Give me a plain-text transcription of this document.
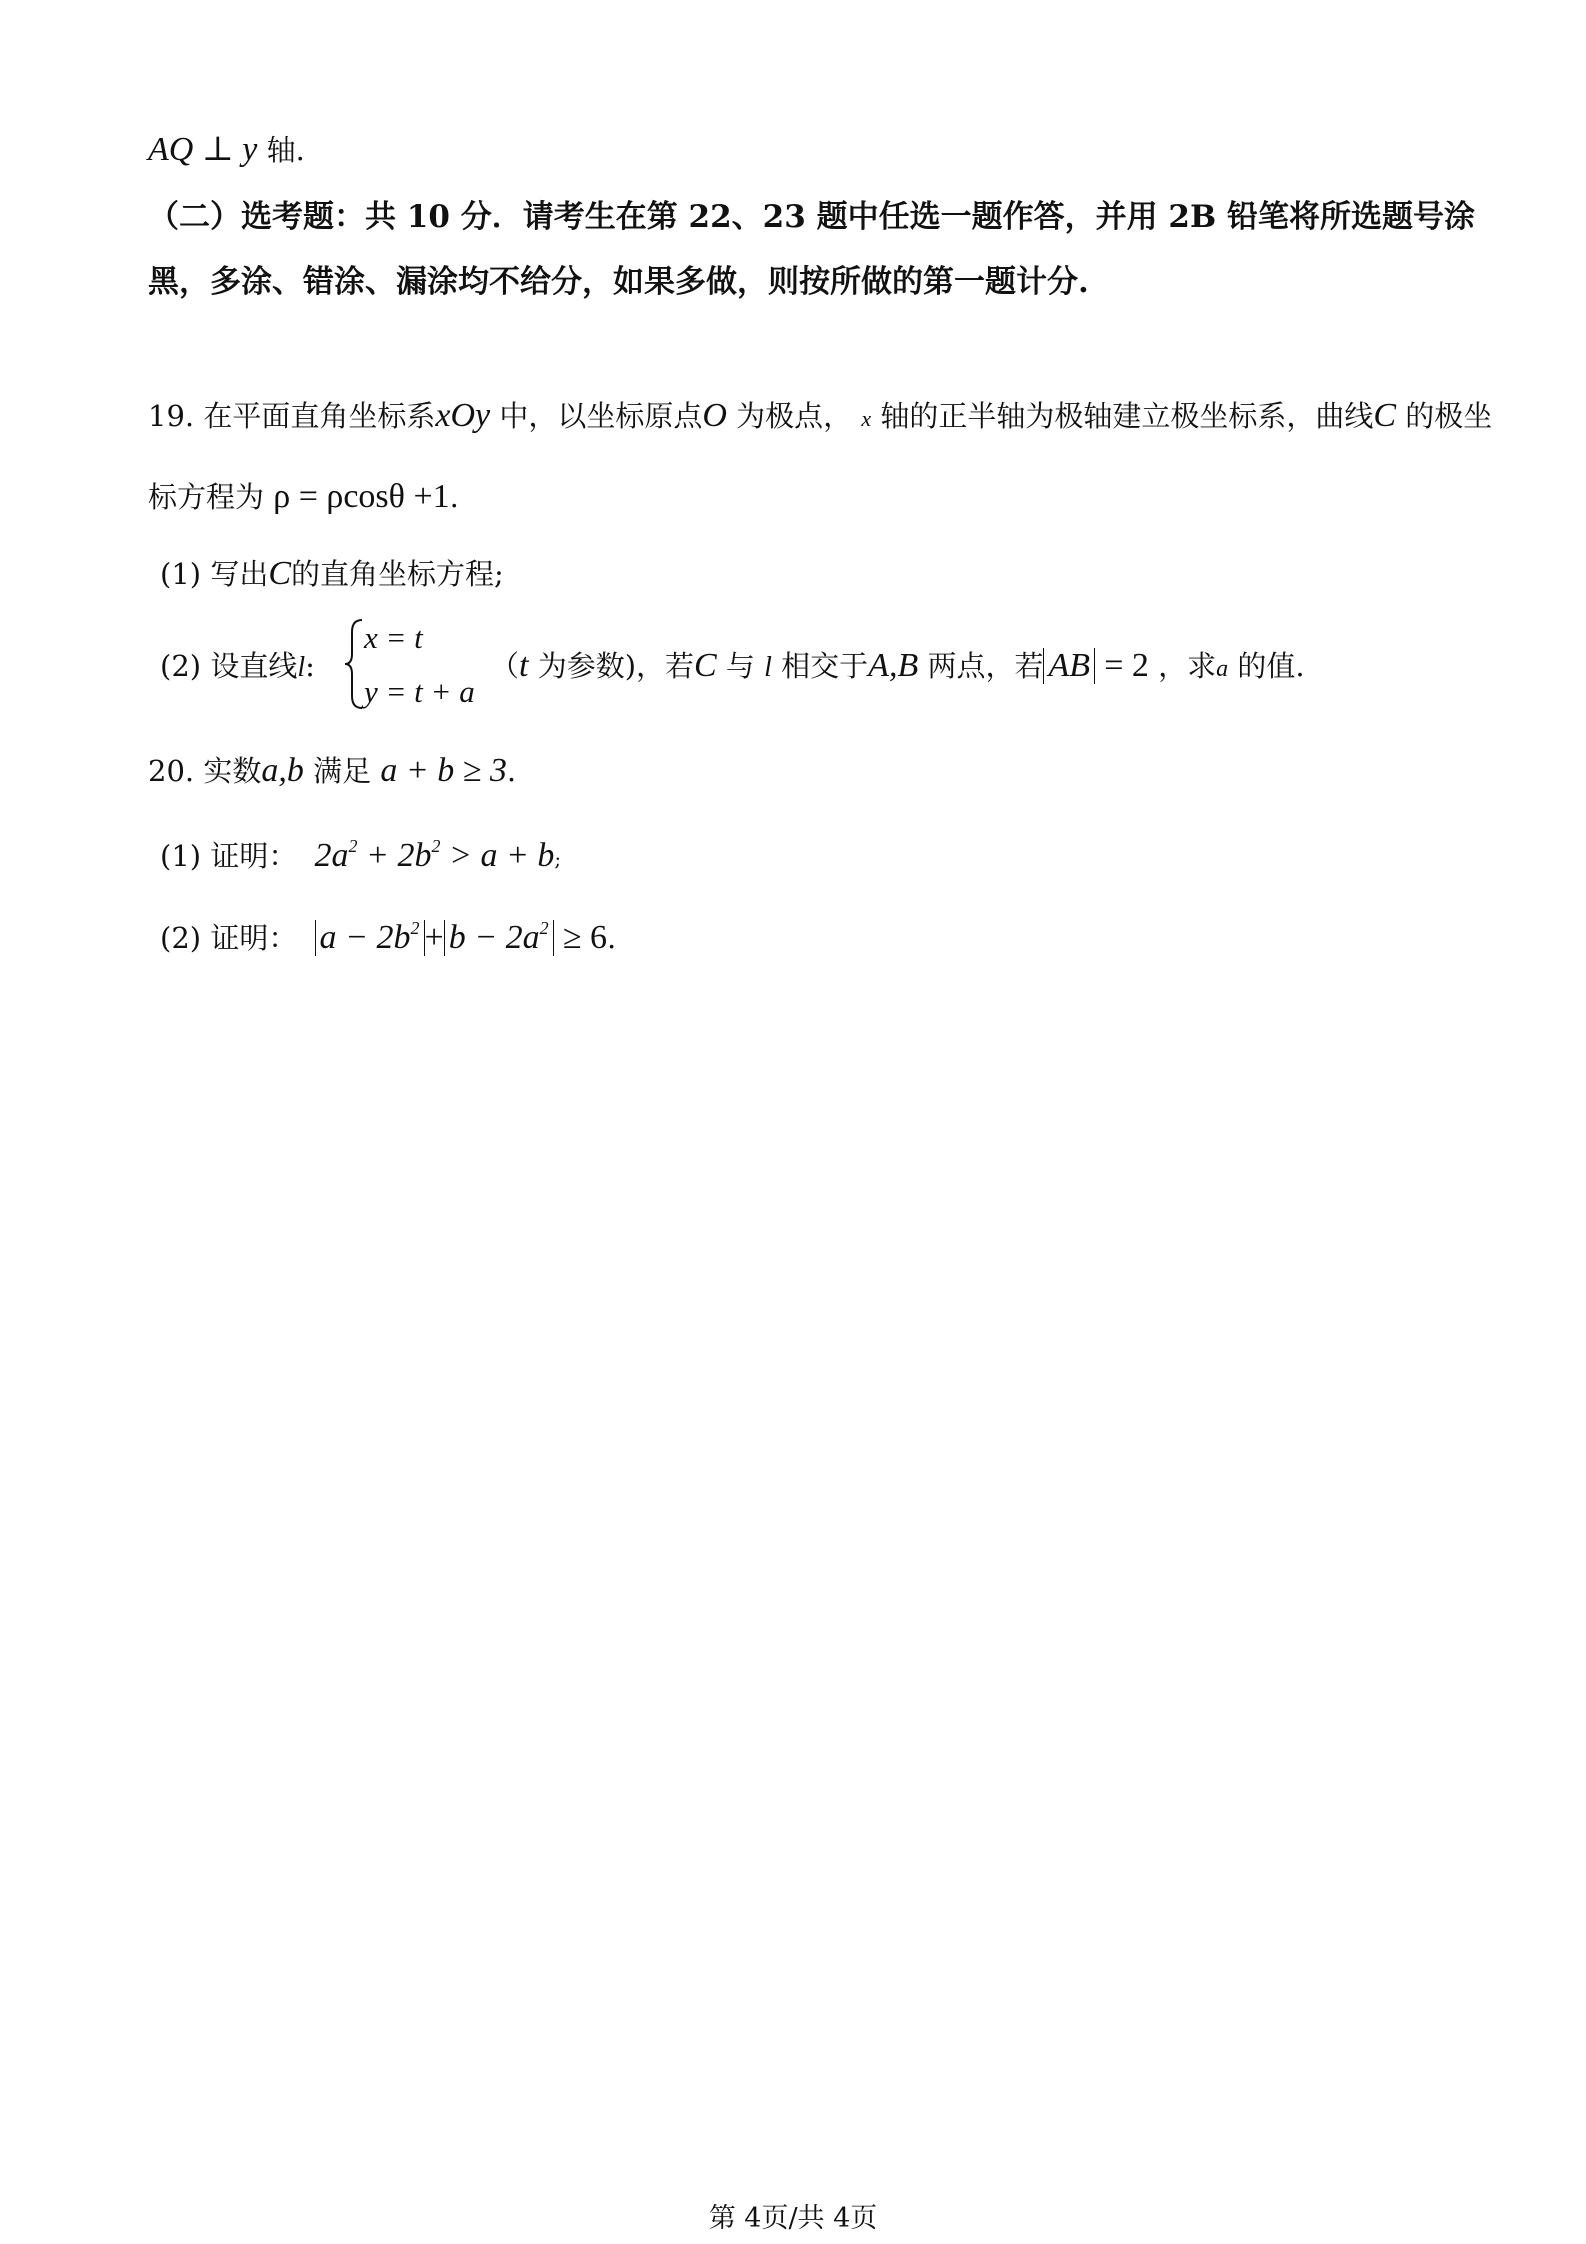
AQ ⊥ y 轴.
（二）选考题：共 10 分．请考生在第 22、23 题中任选一题作答，并用 2B 铅笔将所选题号涂
黑，多涂、错涂、漏涂均不给分，如果多做，则按所做的第一题计分.
19. 在平面直角坐标系xOy 中，以坐标原点O 为极点， x 轴的正半轴为极轴建立极坐标系，曲线C 的极坐
标方程为 ρ = ρcosθ +1.
(1) 写出C的直角坐标方程;
(2) 设直线l:
x = t
y = t + a
（t 为参数)，若C 与 l 相交于A,B 两点，若 AB = 2 ，求a 的值.
20. 实数a,b 满足 a + b ≥ 3.
(1) 证明： $2a^2 + 2b^2 > a + b$;
(2) 证明： $a - 2b^2 + b - 2a^2 \ge 6$.
第 4页/共 4页
